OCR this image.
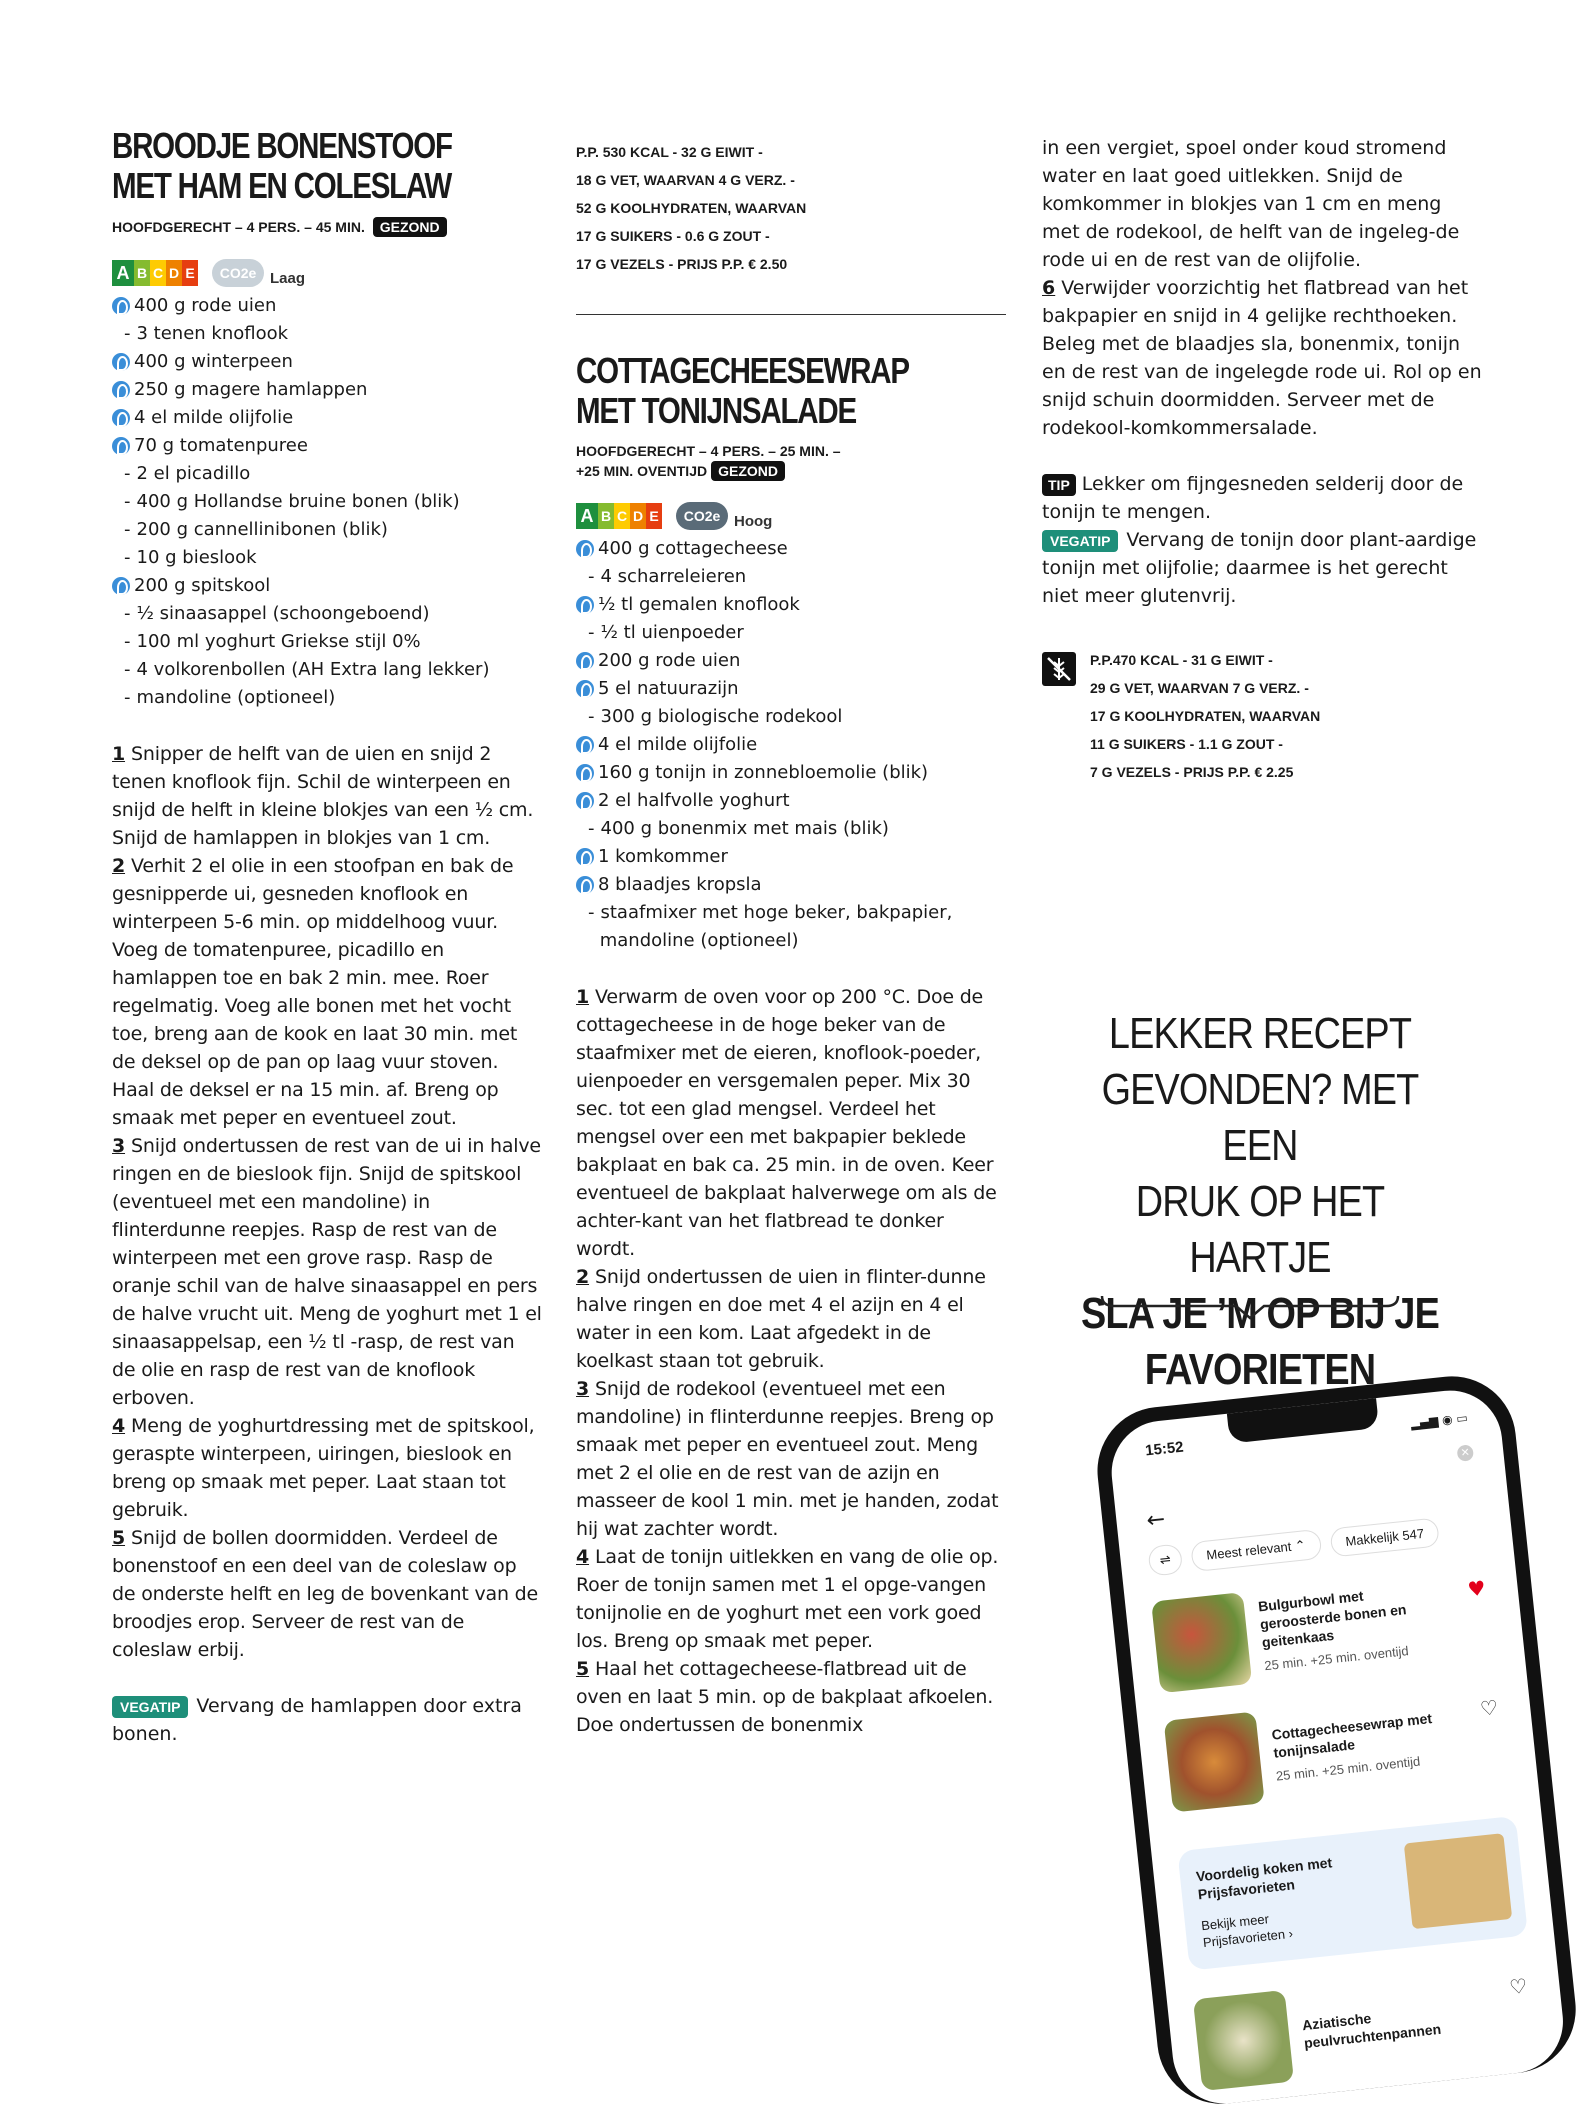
BROODJE BONENSTOOF
MET HAM EN COLESLAW
HOOFDGERECHT – 4 PERS. – 45 MIN. GEZOND
A B C D E	CO2e Laag
400 g rode uien
- 3 tenen knoflook
400 g winterpeen
250 g magere hamlappen
4 el milde olijfolie
70 g tomatenpuree
- 2 el picadillo
- 400 g Hollandse bruine bonen (blik)
- 200 g cannellinibonen (blik)
- 10 g bieslook
200 g spitskool
- ½ sinaasappel (schoongeboend)
- 100 ml yoghurt Griekse stijl 0%
- 4 volkorenbollen (AH Extra lang lekker)
- mandoline (optioneel)

1 Snipper de helft van de uien en snijd 2 tenen knoflook fijn. Schil de winterpeen en snijd de helft in kleine blokjes van een ½ cm. Snijd de hamlappen in blokjes van 1 cm.

2 Verhit 2 el olie in een stoofpan en bak de gesnipperde ui, gesneden knoflook en winterpeen 5-6 min. op middelhoog vuur. Voeg de tomatenpuree, picadillo en hamlappen toe en bak 2 min. mee. Roer regelmatig. Voeg alle bonen met het vocht toe, breng aan de kook en laat 30 min. met de deksel op de pan op laag vuur stoven. Haal de deksel er na 15 min. af. Breng op smaak met peper en eventueel zout.

3 Snijd ondertussen de rest van de ui in halve ringen en de bieslook fijn. Snijd de spitskool (eventueel met een mandoline) in flinterdunne reepjes. Rasp de rest van de winterpeen met een grove rasp. Rasp de oranje schil van de halve sinaasappel en pers de halve vrucht uit. Meng de yoghurt met 1 el sinaasappelsap, een ½ tl -rasp, de rest van de olie en rasp de rest van de knoflook erboven.

4 Meng de yoghurtdressing met de spitskool, geraspte winterpeen, uiringen, bieslook en breng op smaak met peper. Laat staan tot gebruik.

5 Snijd de bollen doormidden. Verdeel de bonenstoof en een deel van de coleslaw op de onderste helft en leg de bovenkant van de broodjes erop. Serveer de rest van de coleslaw erbij.

VEGATIP Vervang de hamlappen door extra bonen.
P.P. 530 KCAL - 32 G EIWIT -
18 G VET, WAARVAN 4 G VERZ. -
52 G KOOLHYDRATEN, WAARVAN
17 G SUIKERS - 0.6 G ZOUT -
17 G VEZELS - PRIJS P.P. € 2.50
COTTAGECHEESEWRAP
MET TONIJNSALADE
HOOFDGERECHT – 4 PERS. – 25 MIN. –
+25 MIN. OVENTIJD GEZOND
A B C D E	CO2e Hoog
400 g cottagecheese
- 4 scharreleieren
½ tl gemalen knoflook
- ½ tl uienpoeder
200 g rode uien
5 el natuurazijn
- 300 g biologische rodekool
4 el milde olijfolie
160 g tonijn in zonnebloemolie (blik)
2 el halfvolle yoghurt
- 400 g bonenmix met mais (blik)
1 komkommer
8 blaadjes kropsla
- staafmixer met hoge beker, bakpapier,

mandoline (optioneel)

1 Verwarm de oven voor op 200 °C. Doe de cottagecheese in de hoge beker van de staafmixer met de eieren, knoflook-poeder, uienpoeder en versgemalen peper. Mix 30 sec. tot een glad mengsel. Verdeel het mengsel over een met bakpapier beklede bakplaat en bak ca. 25 min. in de oven. Keer eventueel de bakplaat halverwege om als de achter-kant van het flatbread te donker wordt.

2 Snijd ondertussen de uien in flinter-dunne halve ringen en doe met 4 el azijn en 4 el water in een kom. Laat afgedekt in de koelkast staan tot gebruik.

3 Snijd de rodekool (eventueel met een mandoline) in flinterdunne reepjes. Breng op smaak met peper en eventueel zout. Meng met 2 el olie en de rest van de azijn en masseer de kool 1 min. met je handen, zodat hij wat zachter wordt.

4 Laat de tonijn uitlekken en vang de olie op. Roer de tonijn samen met 1 el opge-vangen tonijnolie en de yoghurt met een vork goed los. Breng op smaak met peper.

5 Haal het cottagecheese-flatbread uit de oven en laat 5 min. op de bakplaat afkoelen. Doe ondertussen de bonenmix

in een vergiet, spoel onder koud stromend water en laat goed uitlekken. Snijd de komkommer in blokjes van 1 cm en meng met de rodekool, de helft van de ingeleg-de rode ui en de rest van de olijfolie.
6 Verwijder voorzichtig het flatbread van het bakpapier en snijd in 4 gelijke rechthoeken. Beleg met de blaadjes sla, bonenmix, tonijn en de rest van de ingelegde rode ui. Rol op en snijd schuin doormidden. Serveer met de rodekool-komkommersalade.
TIP Lekker om fijngesneden selderij door de tonijn te mengen.
VEGATIP Vervang de tonijn door plant-aardige tonijn met olijfolie; daarmee is het gerecht niet meer glutenvrij.
P.P.470 KCAL - 31 G EIWIT -
29 G VET, WAARVAN 7 G VERZ. -
17 G KOOLHYDRATEN, WAARVAN
11 G SUIKERS - 1.1 G ZOUT -
7 G VEZELS - PRIJS P.P. € 2.25
LEKKER RECEPT
GEVONDEN? MET EEN
DRUK OP HET HARTJE
SLA JE ’M OP BIJ JE
FAVORIETEN
15:52
▂▄▆ ◉ ▭
✕
←
⇌	Meest relevant ⌃	Makkelijk 547
Bulgurbowl met geroosterde bonen en geitenkaas
25 min. +25 min. oventijd
♥
Cottagecheesewrap met tonijnsalade
25 min. +25 min. oventijd
♡
Voordelig koken met Prijsfavorieten
Bekijk meer Prijsfavorieten ›
Aziatische peulvruchtenpannen
♡
